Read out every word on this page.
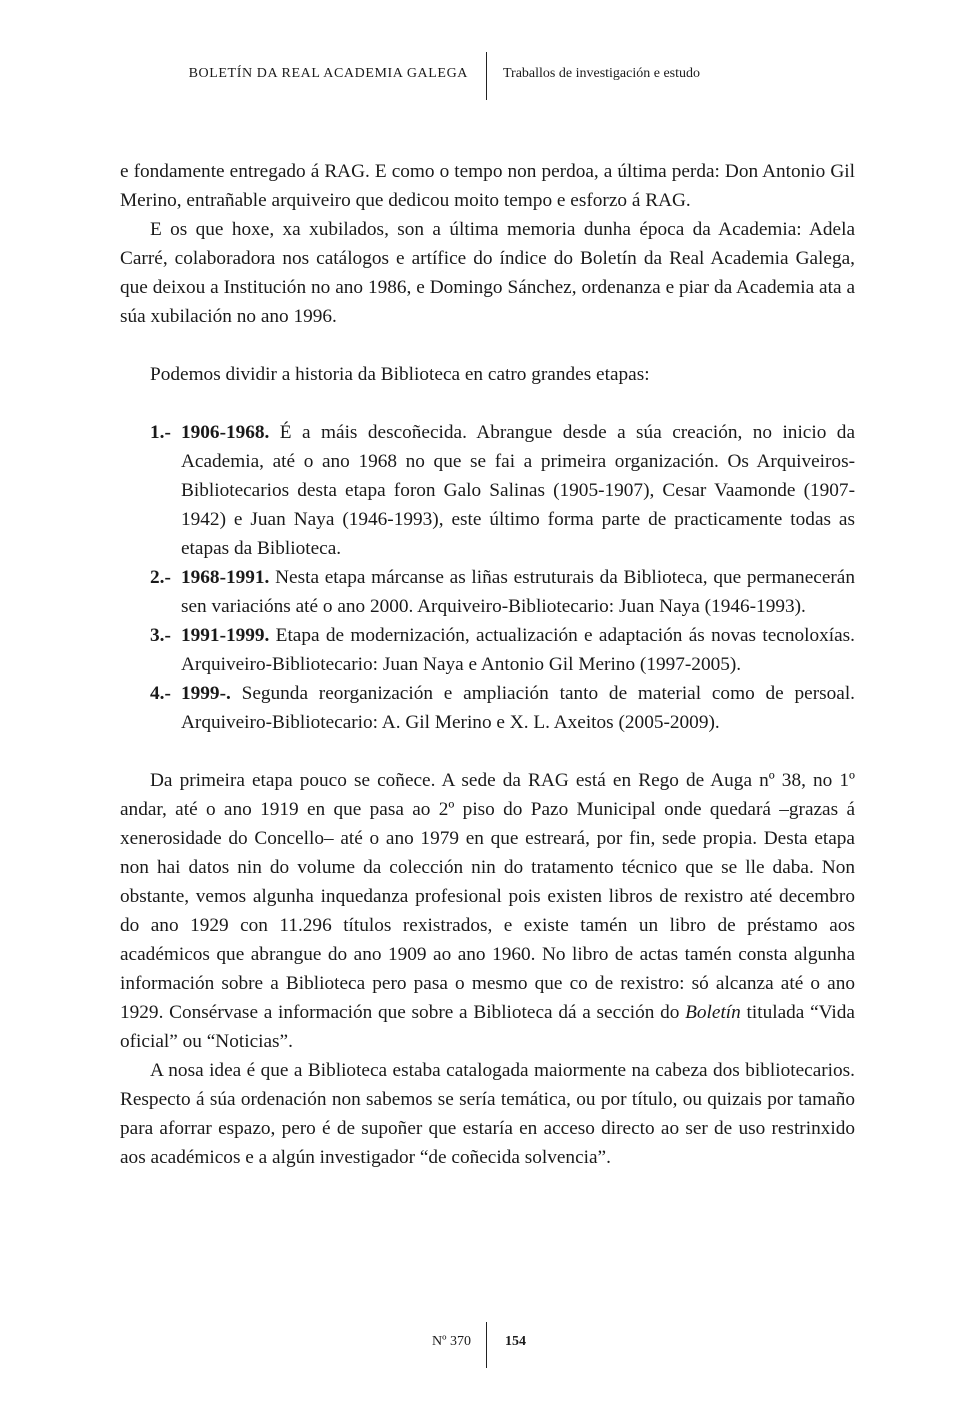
BOLETÍN DA REAL ACADEMIA GALEGA	Traballos de investigación e estudo

e fondamente entregado á RAG. E como o tempo non perdoa, a última perda: Don Antonio Gil Merino, entrañable arquiveiro que dedicou moito tempo e esforzo á RAG.

E os que hoxe, xa xubilados, son a última memoria dunha época da Academia: Adela Carré, colaboradora nos catálogos e artífice do índice do Boletín da Real Academia Galega, que deixou a Institución no ano 1986, e Domingo Sánchez, ordenanza e piar da Academia ata a súa xubilación no ano 1996.

Podemos dividir a historia da Biblioteca en catro grandes etapas:

1.- 1906-1968. É a máis descoñecida. Abrangue desde a súa creación, no inicio da Academia, até o ano 1968 no que se fai a primeira organización. Os Arquiveiros-Bibliotecarios desta etapa foron Galo Salinas (1905-1907), Cesar Vaamonde (1907-1942) e Juan Naya (1946-1993), este último forma parte de practicamente todas as etapas da Biblioteca.
2.- 1968-1991. Nesta etapa márcanse as liñas estruturais da Biblioteca, que permanecerán sen variacións até o ano 2000. Arquiveiro-Bibliotecario: Juan Naya (1946-1993).
3.- 1991-1999. Etapa de modernización, actualización e adaptación ás novas tecnoloxías. Arquiveiro-Bibliotecario: Juan Naya e Antonio Gil Merino (1997-2005).
4.- 1999-. Segunda reorganización e ampliación tanto de material como de persoal. Arquiveiro-Bibliotecario: A. Gil Merino e X. L. Axeitos (2005-2009).

Da primeira etapa pouco se coñece. A sede da RAG está en Rego de Auga nº 38, no 1º andar, até o ano 1919 en que pasa ao 2º piso do Pazo Municipal onde quedará –grazas á xenerosidade do Concello– até o ano 1979 en que estreará, por fin, sede propia. Desta etapa non hai datos nin do volume da colección nin do tratamento técnico que se lle daba. Non obstante, vemos algunha inquedanza profesional pois existen libros de rexistro até decembro do ano 1929 con 11.296 títulos rexistrados, e existe tamén un libro de préstamo aos académicos que abrangue do ano 1909 ao ano 1960. No libro de actas tamén consta algunha información sobre a Biblioteca pero pasa o mesmo que co de rexistro: só alcanza até o ano 1929. Consérvase a información que sobre a Biblioteca dá a sección do Boletín titulada “Vida oficial” ou “Noticias”.

A nosa idea é que a Biblioteca estaba catalogada maiormente na cabeza dos bibliotecarios. Respecto á súa ordenación non sabemos se sería temática, ou por título, ou quizais por tamaño para aforrar espazo, pero é de supoñer que estaría en acceso directo ao ser de uso restrinxido aos académicos e a algún investigador “de coñecida solvencia”.

Nº 370 154
